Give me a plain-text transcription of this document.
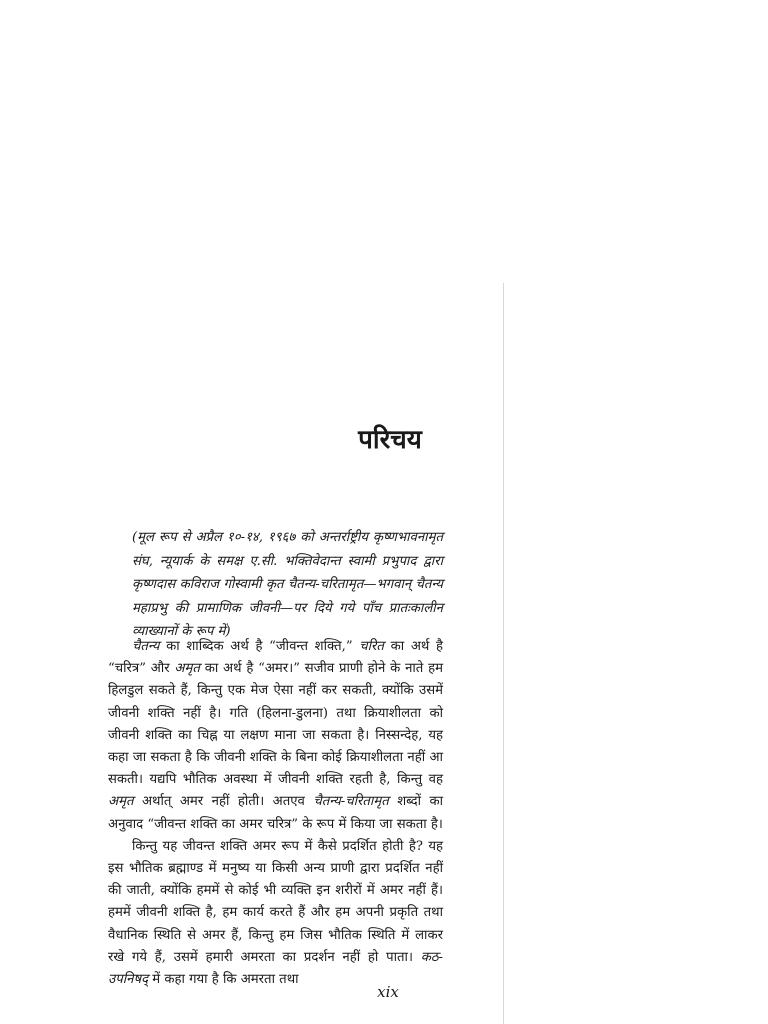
परिचय
(मूल रूप से अप्रैल १०-१४, १९६७ को अन्तर्राष्ट्रीय कृष्णभावनामृत संघ, न्यूयार्क के समक्ष ए.सी. भक्तिवेदान्त स्वामी प्रभुपाद द्वारा कृष्णदास कविराज गोस्वामी कृत चैतन्य-चरितामृत—भगवान् चैतन्य महाप्रभु की प्रामाणिक जीवनी—पर दिये गये पाँच प्रातःकालीन व्याख्यानों के रूप में)

चैतन्य का शाब्दिक अर्थ है “जीवन्त शक्ति,” चरित का अर्थ है “चरित्र” और अमृत का अर्थ है “अमर।” सजीव प्राणी होने के नाते हम हिलडुल सकते हैं, किन्तु एक मेज ऐसा नहीं कर सकती, क्योंकि उसमें जीवनी शक्ति नहीं है। गति (हिलना-डुलना) तथा क्रियाशीलता को जीवनी शक्ति का चिह्न या लक्षण माना जा सकता है। निस्सन्देह, यह कहा जा सकता है कि जीवनी शक्ति के बिना कोई क्रियाशीलता नहीं आ सकती। यद्यपि भौतिक अवस्था में जीवनी शक्ति रहती है, किन्तु वह अमृत अर्थात् अमर नहीं होती। अतएव चैतन्य-चरितामृत शब्दों का अनुवाद “जीवन्त शक्ति का अमर चरित्र” के रूप में किया जा सकता है।

किन्तु यह जीवन्त शक्ति अमर रूप में कैसे प्रदर्शित होती है? यह इस भौतिक ब्रह्माण्ड में मनुष्य या किसी अन्य प्राणी द्वारा प्रदर्शित नहीं की जाती, क्योंकि हममें से कोई भी व्यक्ति इन शरीरों में अमर नहीं हैं। हममें जीवनी शक्ति है, हम कार्य करते हैं और हम अपनी प्रकृति तथा वैधानिक स्थिति से अमर हैं, किन्तु हम जिस भौतिक स्थिति में लाकर रखे गये हैं, उसमें हमारी अमरता का प्रदर्शन नहीं हो पाता। कठ-उपनिषद् में कहा गया है कि अमरता तथा

xix
